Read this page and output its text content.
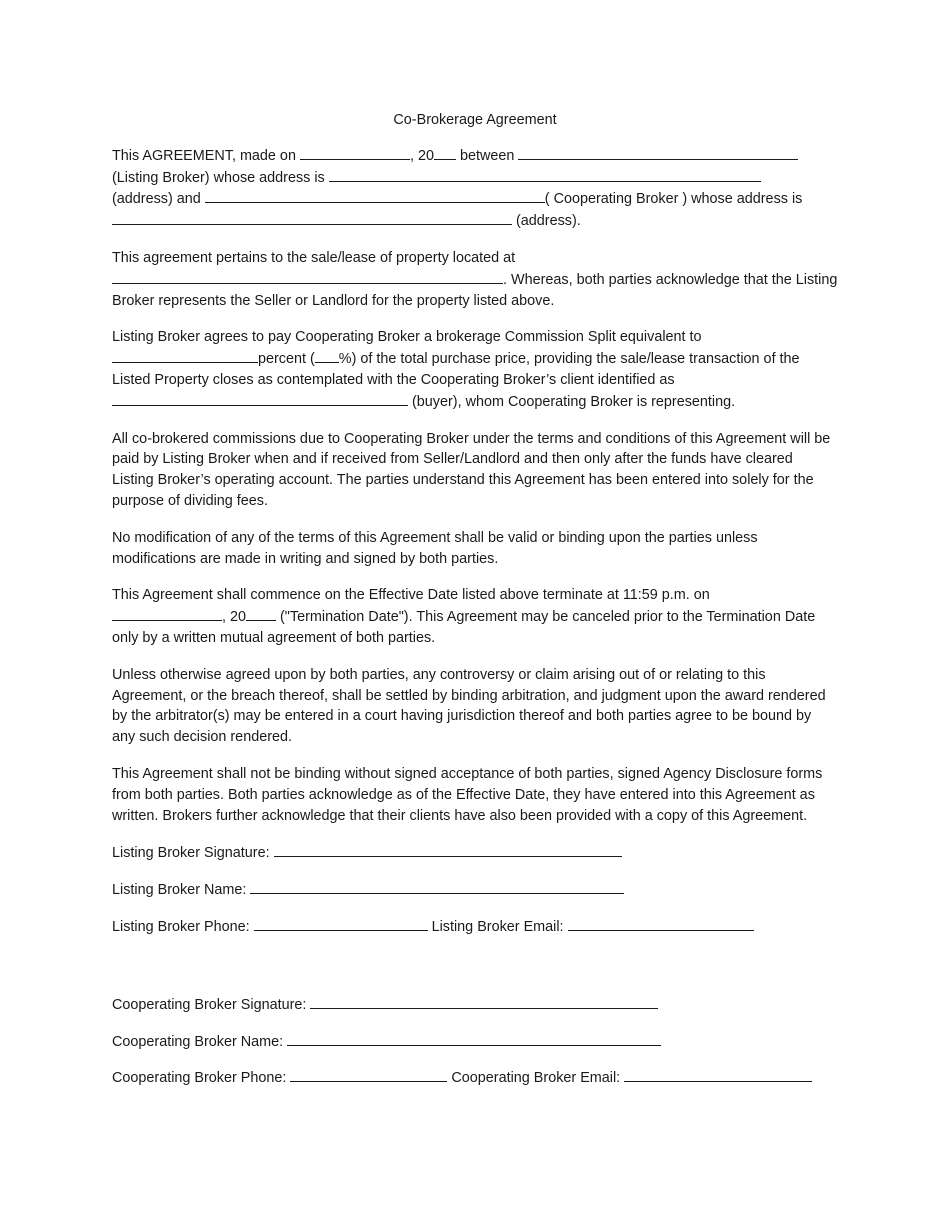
Co-Brokerage Agreement

This AGREEMENT, made on	, 20 between
(Listing Broker) whose address is
(address) and	( Cooperating Broker ) whose address is
(address).

This agreement pertains to the sale/lease of property located at
. Whereas, both parties acknowledge that the Listing Broker represents the Seller or Landlord for the property listed above.

Listing Broker agrees to pay Cooperating Broker a brokerage Commission Split equivalent to
percent ( %) of the total purchase price, providing the sale/lease transaction of the Listed Property closes as contemplated with the Cooperating Broker’s client identified as
(buyer), whom Cooperating Broker is representing.

All co-brokered commissions due to Cooperating Broker under the terms and conditions of this Agreement will be paid by Listing Broker when and if received from Seller/Landlord and then only after the funds have cleared Listing Broker’s operating account. The parties understand this Agreement has been entered into solely for the purpose of dividing fees.

No modification of any of the terms of this Agreement shall be valid or binding upon the parties unless modifications are made in writing and signed by both parties.

This Agreement shall commence on the Effective Date listed above terminate at 11:59 p.m. on
, 20 ("Termination Date"). This Agreement may be canceled prior to the Termination Date only by a written mutual agreement of both parties.

Unless otherwise agreed upon by both parties, any controversy or claim arising out of or relating to this Agreement, or the breach thereof, shall be settled by binding arbitration, and judgment upon the award rendered by the arbitrator(s) may be entered in a court having jurisdiction thereof and both parties agree to be bound by any such decision rendered.

This Agreement shall not be binding without signed acceptance of both parties, signed Agency Disclosure forms from both parties. Both parties acknowledge as of the Effective Date, they have entered into this Agreement as written. Brokers further acknowledge that their clients have also been provided with a copy of this Agreement.

Listing Broker Signature:
Listing Broker Name:
Listing Broker Phone:	Listing Broker Email:
Cooperating Broker Signature:
Cooperating Broker Name:
Cooperating Broker Phone:	Cooperating Broker Email:
